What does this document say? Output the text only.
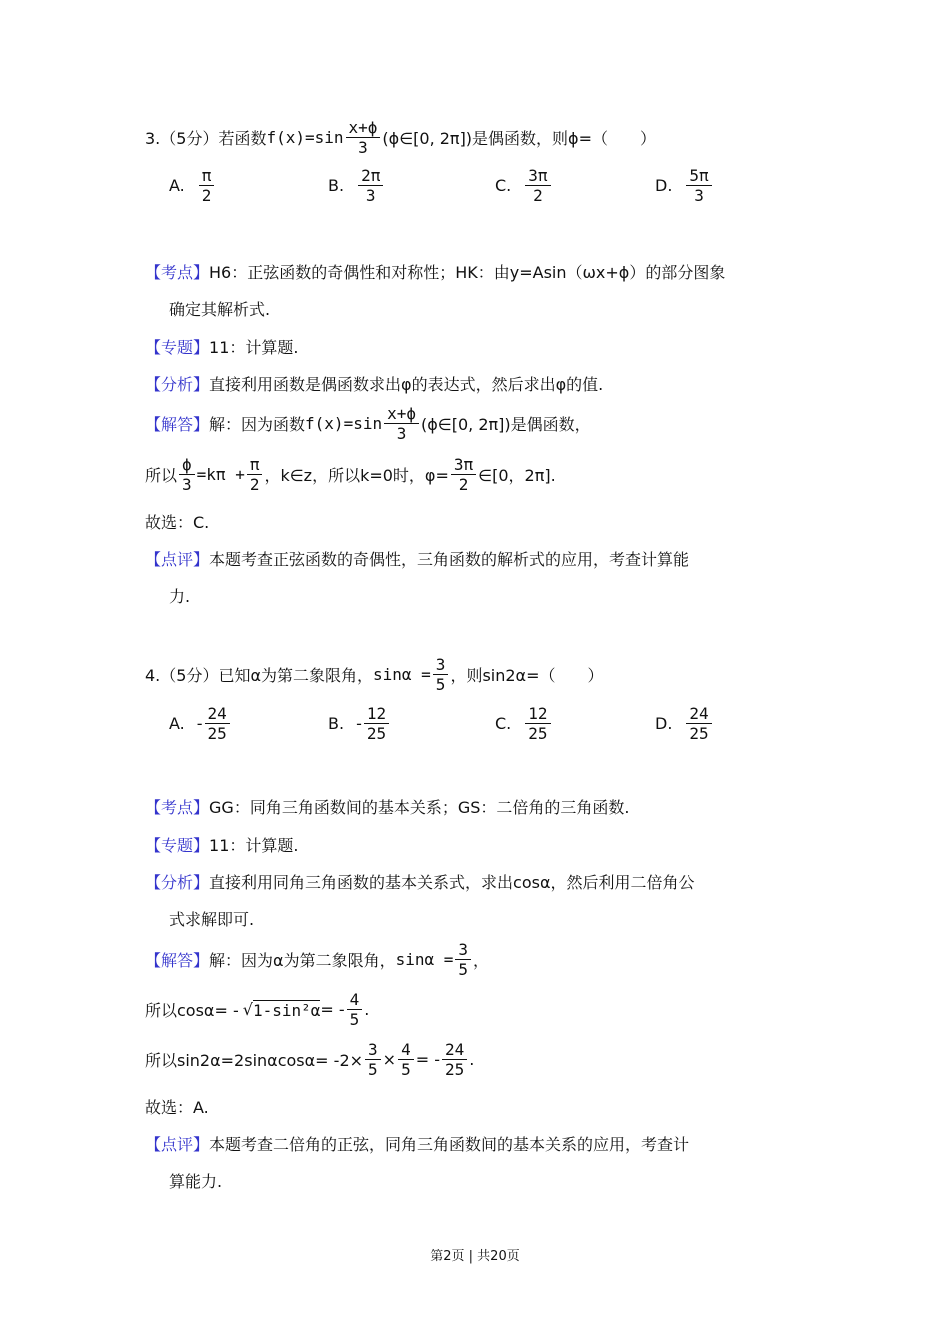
3.（5分）若函数 $f(x)=\sin \frac{x+\phi}{3}$ (ϕ∈[0, 2π])是偶函数，则ϕ=（　　）
A. $\frac{\pi}{2}$	B. $\frac{2\pi}{3}$	C. $\frac{3\pi}{2}$	D. $\frac{5\pi}{3}$
【考点】 H6：正弦函数的奇偶性和对称性；HK：由y=Asin（ωx+ϕ）的部分图象
确定其解析式.
【专题】 11：计算题.
【分析】 直接利用函数是偶函数求出φ的表达式，然后求出φ的值.
【解答】 解：因为函数 $f(x)=\sin \frac{x+\phi}{3}$ (ϕ∈[0, 2π])是偶函数，
所以 $\frac{\phi}{3} =k\pi + \frac{\pi}{2}$ ，k∈z，所以k=0时，$\varphi= \frac{3\pi}{2}$ ∈[0，2π].
故选：C.
【点评】 本题考查正弦函数的奇偶性，三角函数的解析式的应用，考查计算能
力.
4.（5分）已知α为第二象限角， $\sin\alpha = \frac{3}{5}$ ，则sin2α=（　　）
A. - $\frac{24}{25}$	B. - $\frac{12}{25}$	C. $\frac{12}{25}$	D. $\frac{24}{25}$
【考点】 GG：同角三角函数间的基本关系；GS：二倍角的三角函数.
【专题】 11：计算题.
【分析】 直接利用同角三角函数的基本关系式，求出cosα，然后利用二倍角公
式求解即可.
【解答】 解：因为α为第二象限角， $\sin\alpha = \frac{3}{5}$ ，
所以cosα= - √ 1-sin²α = - $\frac{4}{5}$ .
所以$\sin 2\alpha=2\sin\alpha\cos\alpha= -2\times \frac{3}{5} \times \frac{4}{5}$ = - $\frac{24}{25}$ .
故选：A.
【点评】 本题考查二倍角的正弦，同角三角函数间的基本关系的应用，考查计
算能力.
第2页 | 共20页
